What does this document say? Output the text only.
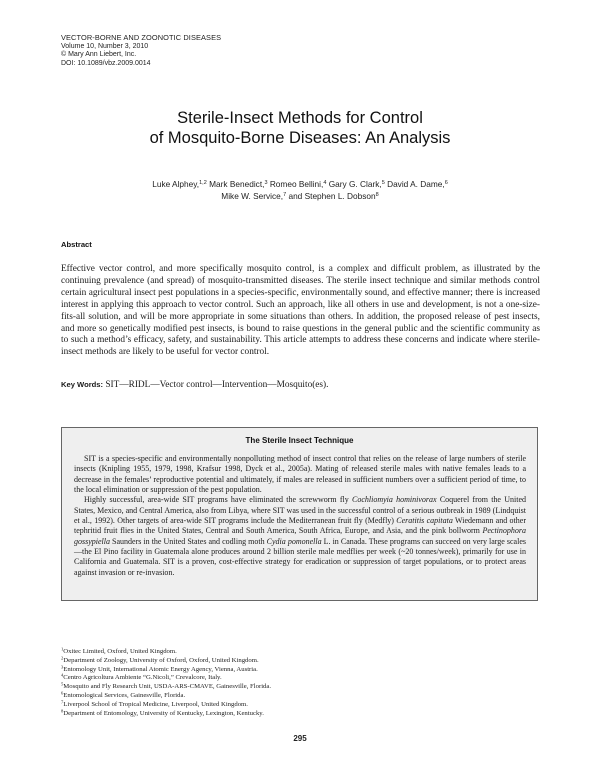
VECTOR-BORNE AND ZOONOTIC DISEASES
Volume 10, Number 3, 2010
© Mary Ann Liebert, Inc.
DOI: 10.1089/vbz.2009.0014
Sterile-Insect Methods for Control
of Mosquito-Borne Diseases: An Analysis
Luke Alphey,$^{1,2}$ Mark Benedict,$^3$ Romeo Bellini,$^4$ Gary G. Clark,$^5$ David A. Dame,$^6$
Mike W. Service,$^7$ and Stephen L. Dobson$^8$
Abstract

Effective vector control, and more specifically mosquito control, is a complex and difficult problem, as illustrated by the continuing prevalence (and spread) of mosquito-transmitted diseases. The sterile insect technique and similar methods control certain agricultural insect pest populations in a species-specific, environmentally sound, and effective manner; there is increased interest in applying this approach to vector control. Such an approach, like all others in use and development, is not a one-size-fits-all solution, and will be more appropriate in some situations than others. In addition, the proposed release of pest insects, and more so genetically modified pest insects, is bound to raise questions in the general public and the scientific community as to such a method’s efficacy, safety, and sustainability. This article attempts to address these concerns and indicate where sterile-insect methods are likely to be useful for vector control.

Key Words: SIT—RIDL—Vector control—Intervention—Mosquito(es).
The Sterile Insect Technique

SIT is a species-specific and environmentally nonpolluting method of insect control that relies on the release of large numbers of sterile insects (Knipling 1955, 1979, 1998, Krafsur 1998, Dyck et al., 2005a). Mating of released sterile males with native females leads to a decrease in the females’ reproductive potential and ultimately, if males are released in sufficient numbers over a sufficient period of time, to the local elimination or suppression of the pest population.

Highly successful, area-wide SIT programs have eliminated the screwworm fly Cochliomyia hominivorax Coquerel from the United States, Mexico, and Central America, also from Libya, where SIT was used in the successful control of a serious outbreak in 1989 (Lindquist et al., 1992). Other targets of area-wide SIT programs include the Mediterranean fruit fly (Medfly) Ceratitis capitata Wiedemann and other tephritid fruit flies in the United States, Central and South America, South Africa, Europe, and Asia, and the pink bollworm Pectinophora gossypiella Saunders in the United States and codling moth Cydia pomonella L. in Canada. These programs can succeed on very large scales—the El Pino facility in Guatemala alone produces around 2 billion sterile male medflies per week (~20 tonnes/week), primarily for use in California and Guatemala. SIT is a proven, cost-effective strategy for eradication or suppression of target populations, or to protect areas against invasion or re-invasion.

$^1$Oxitec Limited, Oxford, United Kingdom.
$^2$Department of Zoology, University of Oxford, Oxford, United Kingdom.
$^3$Entomology Unit, International Atomic Energy Agency, Vienna, Austria.
$^4$Centro Agricoltura Ambiente “G.Nicoli,” Crevalcore, Italy.
$^5$Mosquito and Fly Research Unit, USDA-ARS-CMAVE, Gainesville, Florida.
$^6$Entomological Services, Gainesville, Florida.
$^7$Liverpool School of Tropical Medicine, Liverpool, United Kingdom.
$^8$Department of Entomology, University of Kentucky, Lexington, Kentucky.
295
